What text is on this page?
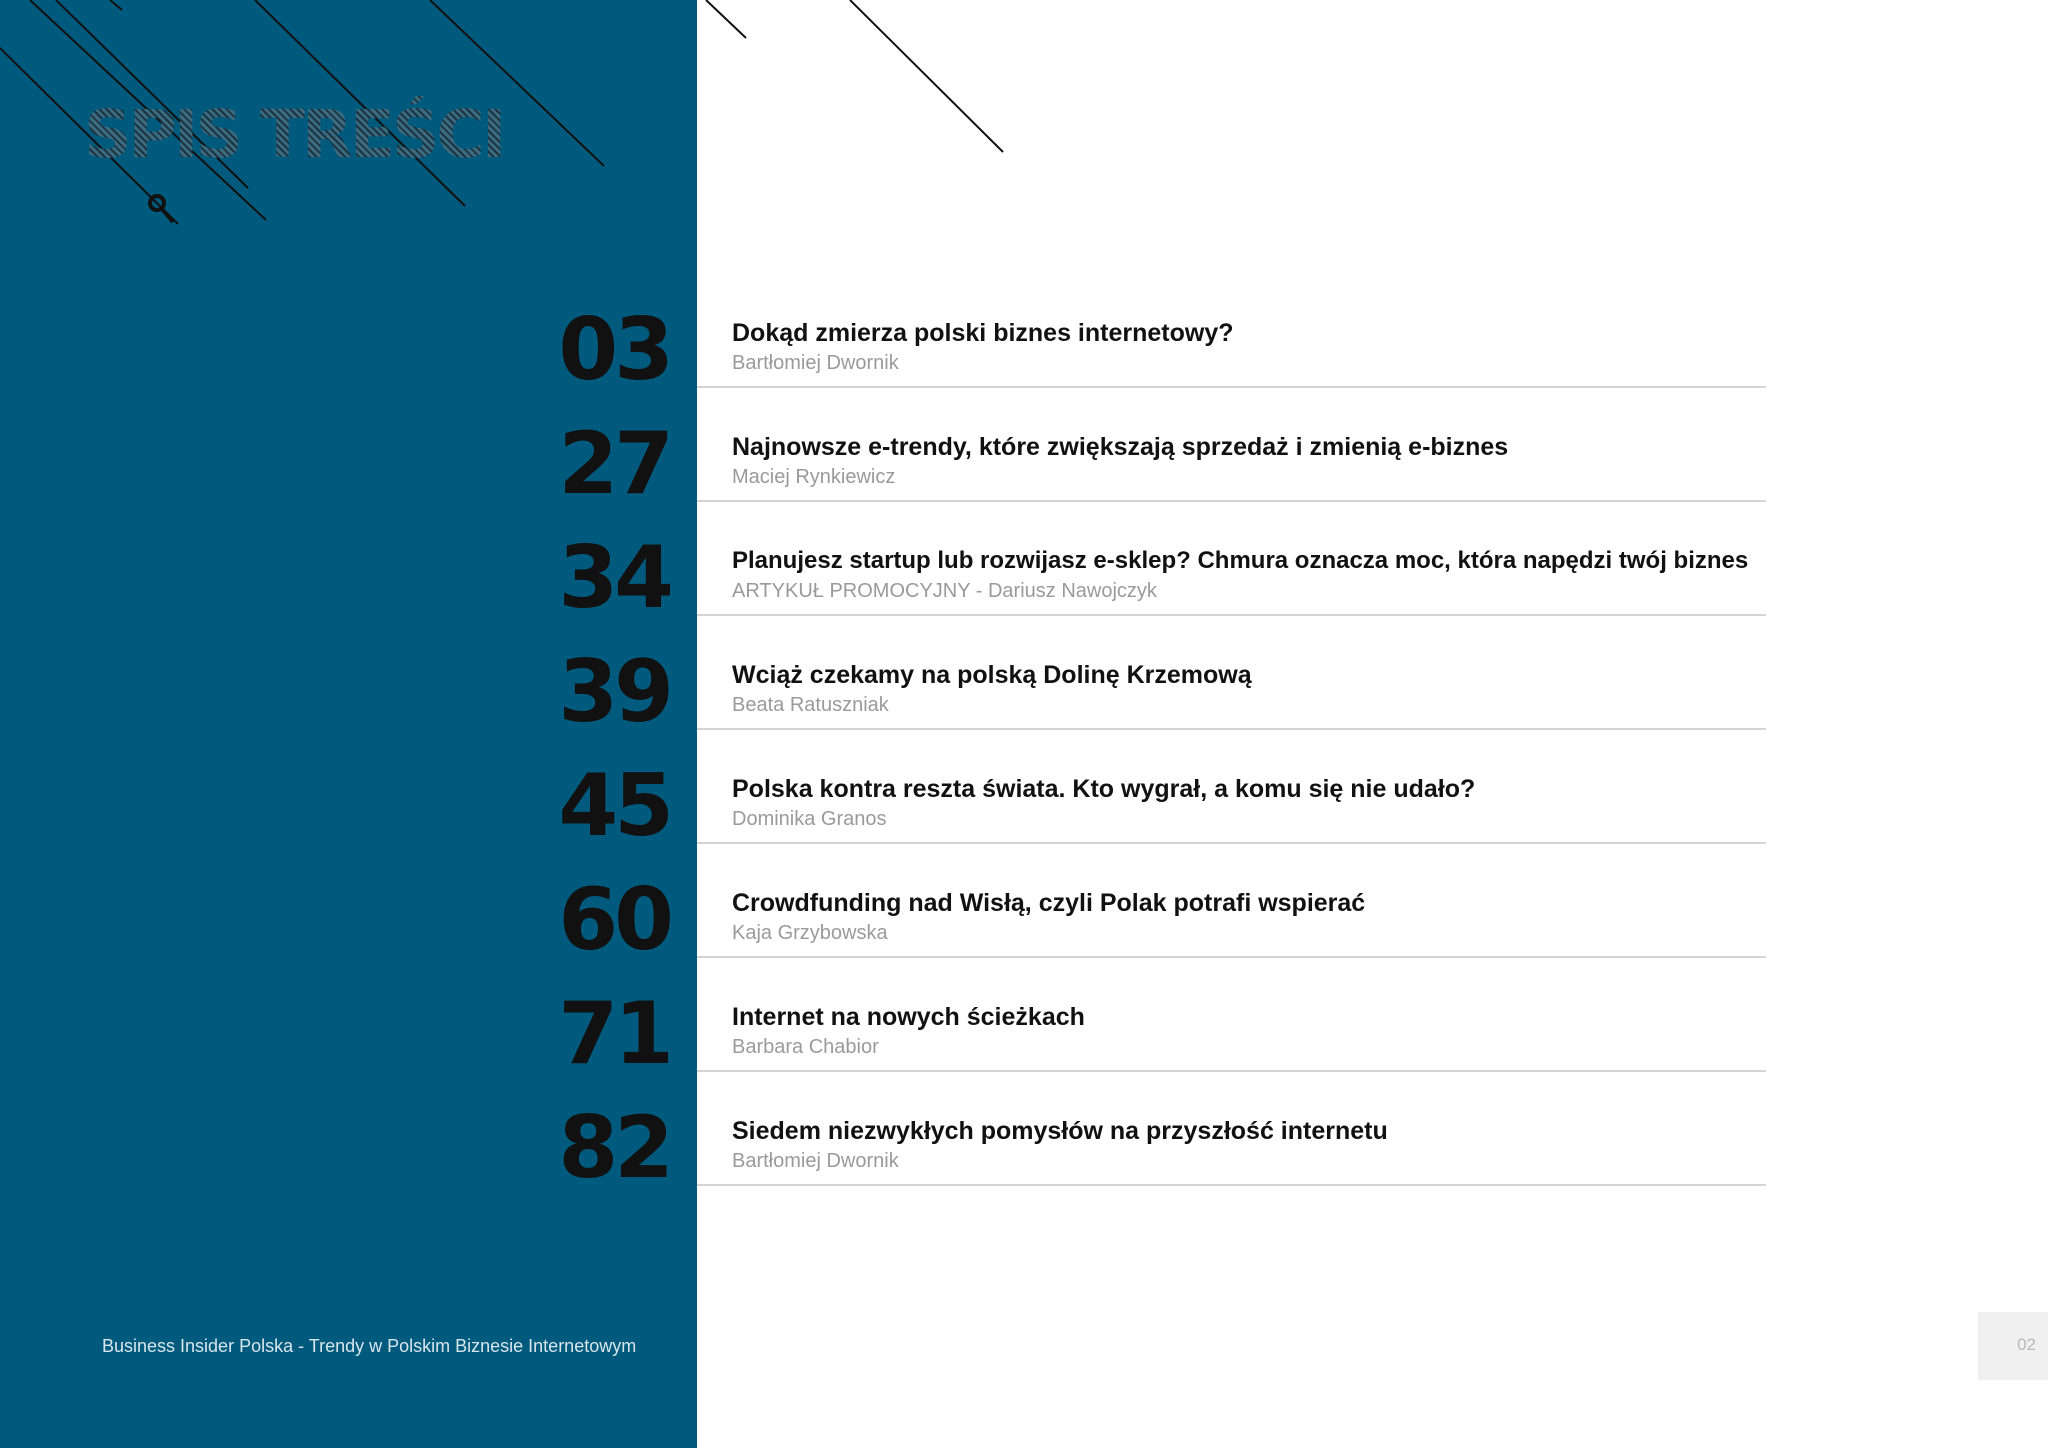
SPIS TREŚCI
03 Dokąd zmierza polski biznes internetowy?
Bartłomiej Dwornik
27 Najnowsze e-trendy, które zwiększają sprzedaż i zmienią e-biznes
Maciej Rynkiewicz
34	Planujesz startup lub rozwijasz e-sklep? Chmura oznacza moc, która napędzi twój biznes
ARTYKUŁ PROMOCYJNY - Dariusz Nawojczyk
39 Wciąż czekamy na polską Dolinę Krzemową
Beata Ratuszniak
45 Polska kontra reszta świata. Kto wygrał, a komu się nie udało?
Dominika Granos
60 Crowdfunding nad Wisłą, czyli Polak potrafi wspierać
Kaja Grzybowska
71 Internet na nowych ścieżkach
Barbara Chabior
82 Siedem niezwykłych pomysłów na przyszłość internetu
Bartłomiej Dwornik
Business Insider Polska - Trendy w Polskim Biznesie Internetowym	02
